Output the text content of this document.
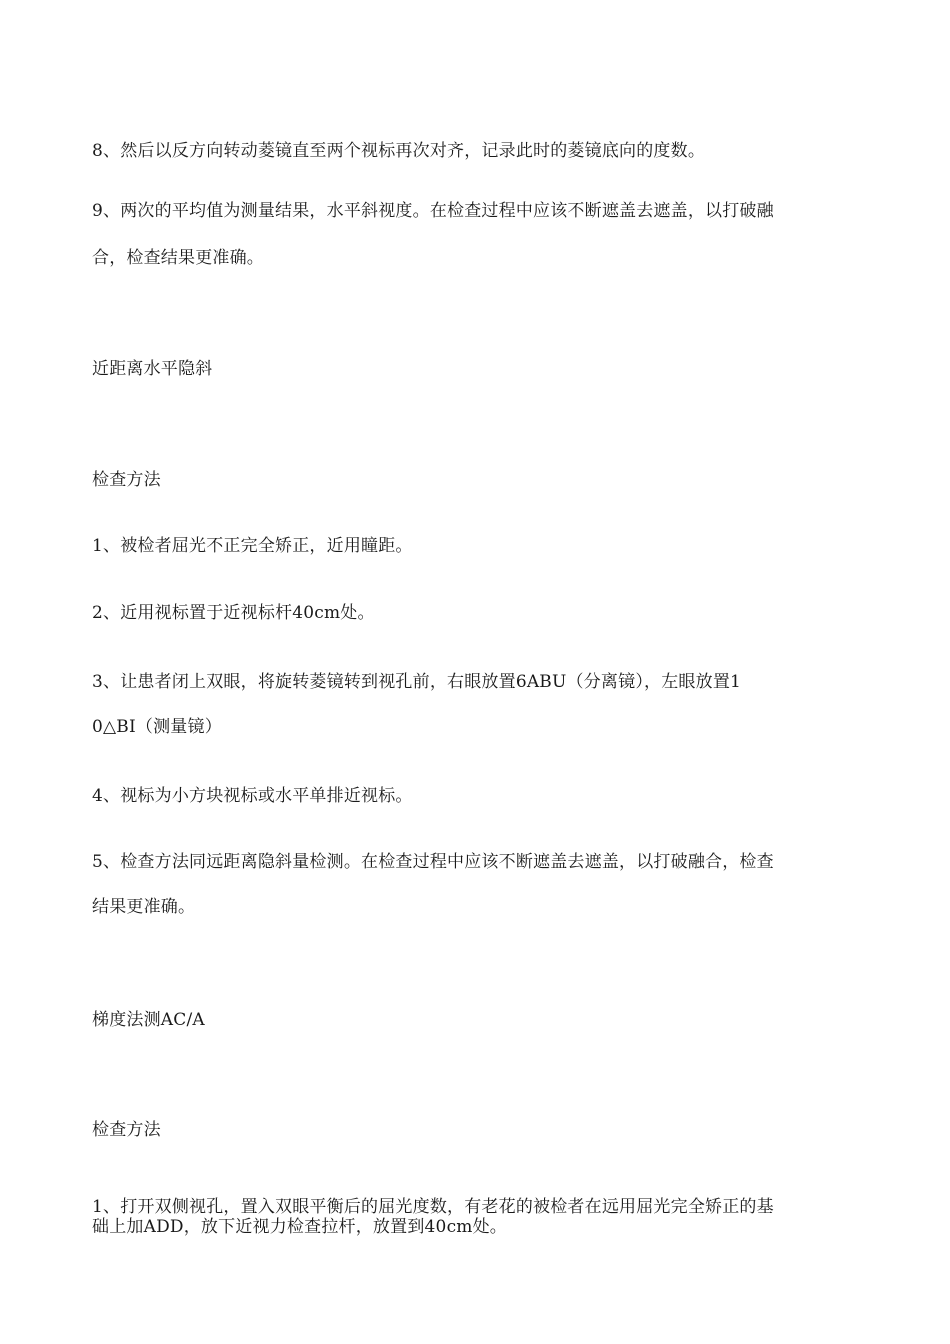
8、然后以反方向转动菱镜直至两个视标再次对齐，记录此时的菱镜底向的度数。

9、两次的平均值为测量结果，水平斜视度。在检查过程中应该不断遮盖去遮盖，以打破融

合，检查结果更准确。

近距离水平隐斜

检查方法

1、被检者屈光不正完全矫正，近用瞳距。

2、近用视标置于近视标杆40cm处。

3、让患者闭上双眼，将旋转菱镜转到视孔前，右眼放置6ABU（分离镜），左眼放置1

0△BI（测量镜）

4、视标为小方块视标或水平单排近视标。

5、检查方法同远距离隐斜量检测。在检查过程中应该不断遮盖去遮盖，以打破融合，检查

结果更准确。

梯度法测AC/A

检查方法

1、打开双侧视孔，置入双眼平衡后的屈光度数，有老花的被检者在远用屈光完全矫正的基

础上加ADD，放下近视力检查拉杆，放置到40cm处。
